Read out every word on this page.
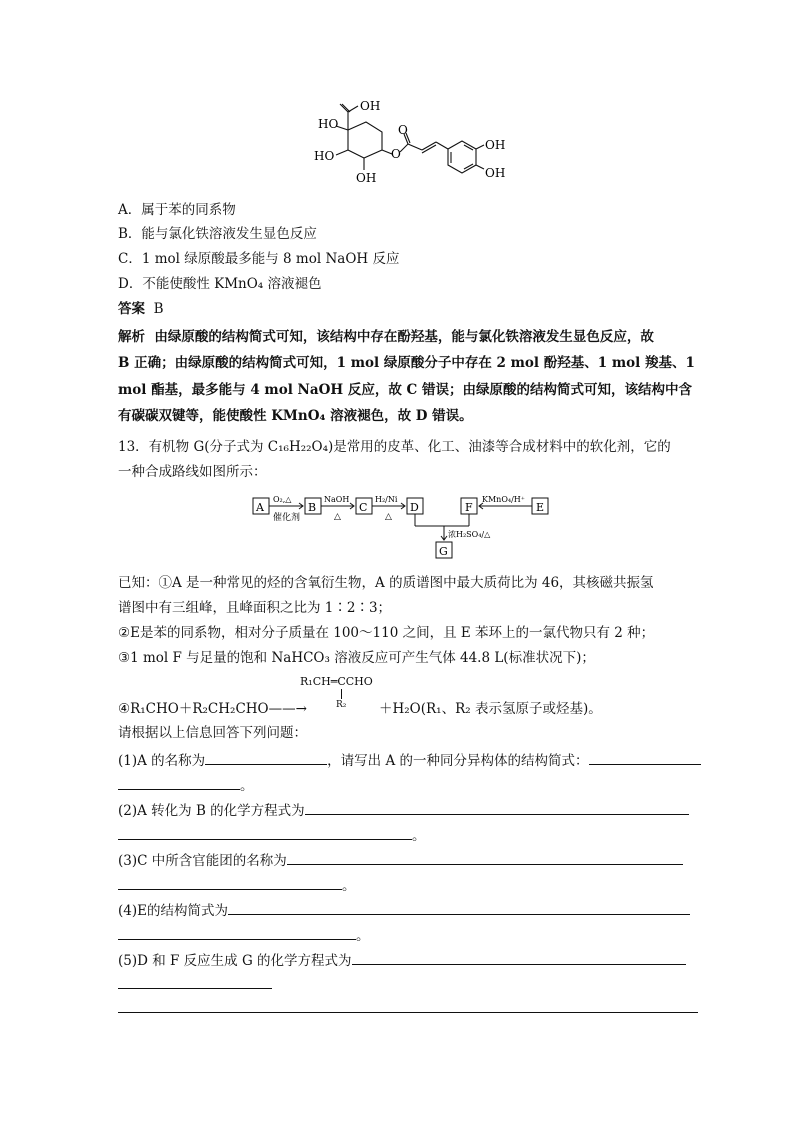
OH
HO
HO
OH
O
O
OH
OH
A．属于苯的同系物
B．能与氯化铁溶液发生显色反应
C．1 mol 绿原酸最多能与 8 mol NaOH 反应
D．不能使酸性 KMnO₄ 溶液褪色
答案 B
解析 由绿原酸的结构简式可知，该结构中存在酚羟基，能与氯化铁溶液发生显色反应，故
B 正确；由绿原酸的结构简式可知，1 mol 绿原酸分子中存在 2 mol 酚羟基、1 mol 羧基、1
mol 酯基，最多能与 4 mol NaOH 反应，故 C 错误；由绿原酸的结构简式可知，该结构中含
有碳碳双键等，能使酸性 KMnO₄ 溶液褪色，故 D 错误。
13．有机物 G(分子式为 C₁₆H₂₂O₄)是常用的皮革、化工、油漆等合成材料中的软化剂，它的
一种合成路线如图所示：
A	B	C	D	F	E
G
O₂,△
催化剂
NaOH
△
H₂/Ni
△
KMnO₄/H⁺
浓H₂SO₄/△
已知：①A 是一种常见的烃的含氧衍生物，A 的质谱图中最大质荷比为 46，其核磁共振氢
谱图中有三组峰，且峰面积之比为 1∶2∶3；
②E是苯的同系物，相对分子质量在 100～110 之间，且 E 苯环上的一氯代物只有 2 种；
③1 mol F 与足量的饱和 NaHCO₃ 溶液反应可产生气体 44.8 L(标准状况下)；
④R₁CHO＋R₂CH₂CHO——→
R₁CH═CCHO
R₂ ＋H₂O(R₁、R₂ 表示氢原子或烃基)。
请根据以上信息回答下列问题：
(1)A 的名称为	，请写出 A 的一种同分异构体的结构简式：
。
(2)A 转化为 B 的化学方程式为
。
(3)C 中所含官能团的名称为
。
(4)E的结构简式为
。
(5)D 和 F 反应生成 G 的化学方程式为
